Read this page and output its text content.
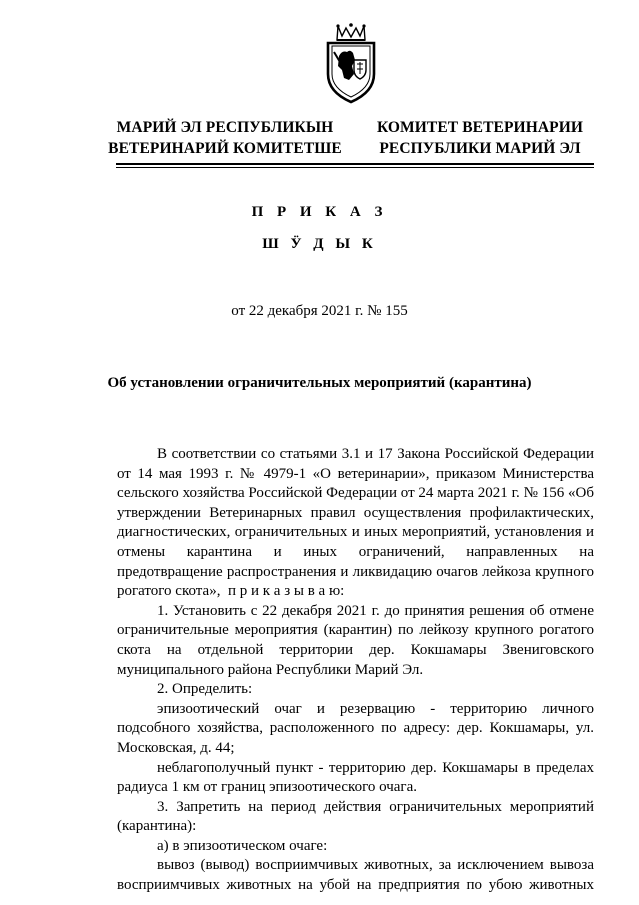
МАРИЙ ЭЛ РЕСПУБЛИКЫН
ВЕТЕРИНАРИЙ КОМИТЕТШЕ
КОМИТЕТ ВЕТЕРИНАРИИ
РЕСПУБЛИКИ МАРИЙ ЭЛ
П Р И К А З
Ш Ӱ Д Ы К
от 22 декабря 2021 г. № 155
Об установлении ограничительных мероприятий (карантина)

В соответствии со статьями 3.1 и 17 Закона Российской Федерации от 14 мая 1993 г. № 4979-1 «О ветеринарии», приказом Министерства сельского хозяйства Российской Федерации от 24 марта 2021 г. № 156 «Об утверждении Ветеринарных правил осуществления профилактических, диагностических, ограничительных и иных мероприятий, установления и отмены карантина и иных ограничений, направленных на предотвращение распространения и ликвидацию очагов лейкоза крупного рогатого скота», п р и к а з ы в а ю:

1. Установить с 22 декабря 2021 г. до принятия решения об отмене ограничительные мероприятия (карантин) по лейкозу крупного рогатого скота на отдельной территории дер. Кокшамары Звениговского муниципального района Республики Марий Эл.

2. Определить:

эпизоотический очаг и резервацию - территорию личного подсобного хозяйства, расположенного по адресу: дер. Кокшамары, ул. Московская, д. 44;

неблагополучный пункт - территорию дер. Кокшамары в пределах радиуса 1 км от границ эпизоотического очага.

3. Запретить на период действия ограничительных мероприятий (карантина):

а) в эпизоотическом очаге:

вывоз (вывод) восприимчивых животных, за исключением вывоза восприимчивых животных на убой на предприятия по убою животных
